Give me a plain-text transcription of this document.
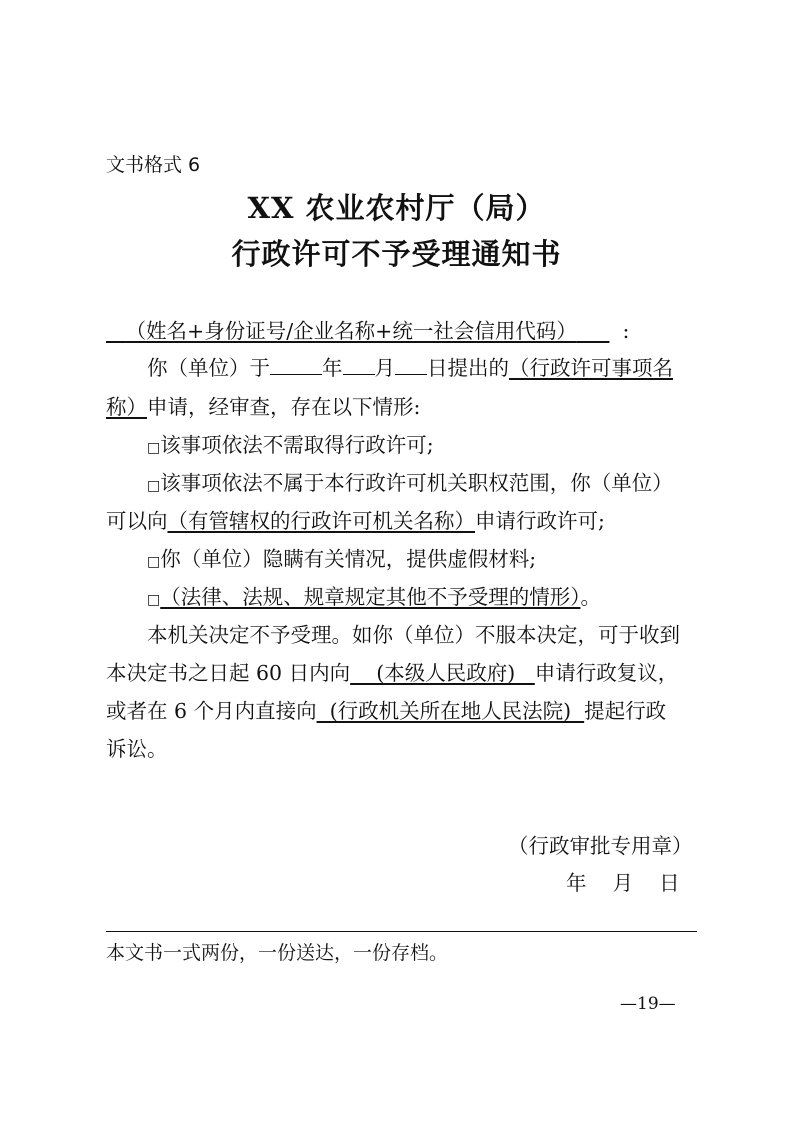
文书格式 6
XX 农业农村厅（局）
行政许可不予受理通知书
（姓名+身份证号/企业名称+统一社会信用代码） :
你（单位）于	年 月 日提出的（行政许可事项名
称）申请，经审查，存在以下情形:
□该事项依法不需取得行政许可;
□该事项依法不属于本行政许可机关职权范围，你（单位）
可以向（有管辖权的行政许可机关名称）申请行政许可;
□你（单位）隐瞒有关情况，提供虚假材料;
□（法律、法规、规章规定其他不予受理的情形）。
本机关决定不予受理。如你（单位）不服本决定，可于收到
本决定书之日起 60 日内向    (本级人民政府)   申请行政复议，
或者在 6 个月内直接向  (行政机关所在地人民法院)  提起行政
诉讼。
（行政审批专用章）
年    月    日
本文书一式两份，一份送达，一份存档。
—19—
